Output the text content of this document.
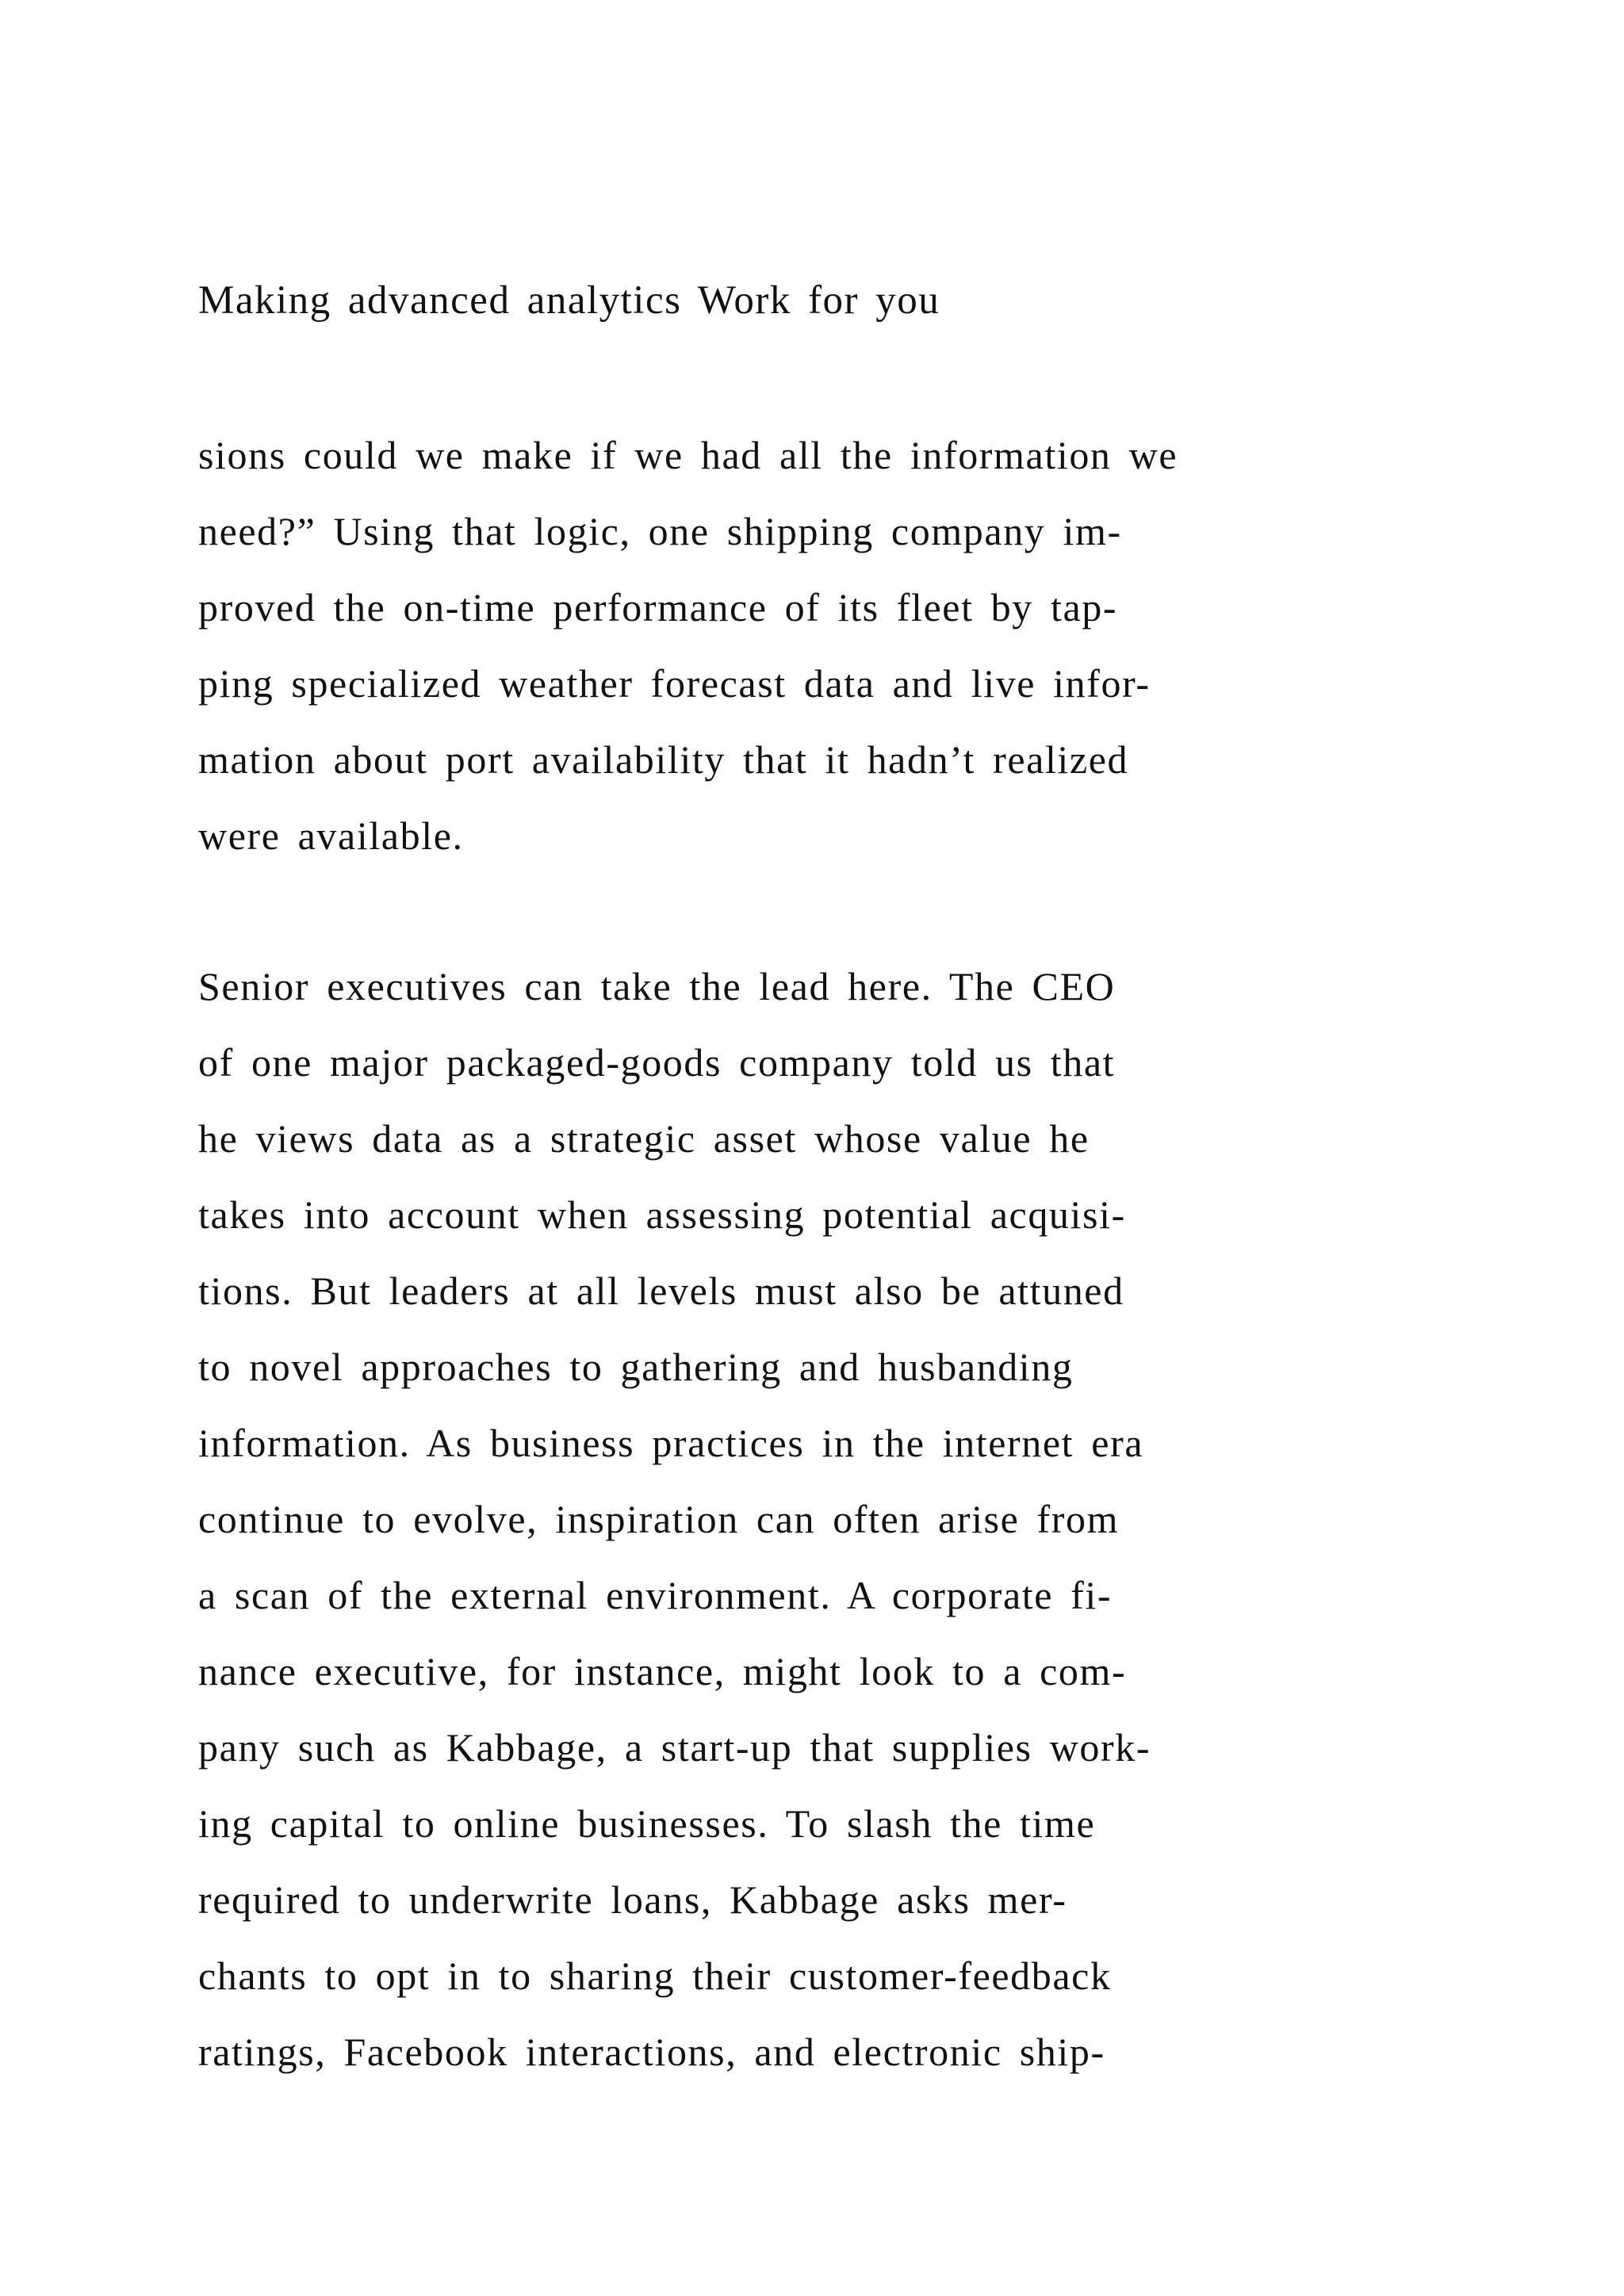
Making advanced analytics Work for you
sions could we make if we had all the information we
need?” Using that logic, one shipping company im-
proved the on-time performance of its fleet by tap-
ping specialized weather forecast data and live infor-
mation about port availability that it hadn’t realized
were available.
Senior executives can take the lead here. The CEO
of one major packaged-goods company told us that
he views data as a strategic asset whose value he
takes into account when assessing potential acquisi-
tions. But leaders at all levels must also be attuned
to novel approaches to gathering and husbanding
information. As business practices in the internet era
continue to evolve, inspiration can often arise from
a scan of the external environment. A corporate fi-
nance executive, for instance, might look to a com-
pany such as Kabbage, a start-up that supplies work-
ing capital to online businesses. To slash the time
required to underwrite loans, Kabbage asks mer-
chants to opt in to sharing their customer-feedback
ratings, Facebook interactions, and electronic ship-
